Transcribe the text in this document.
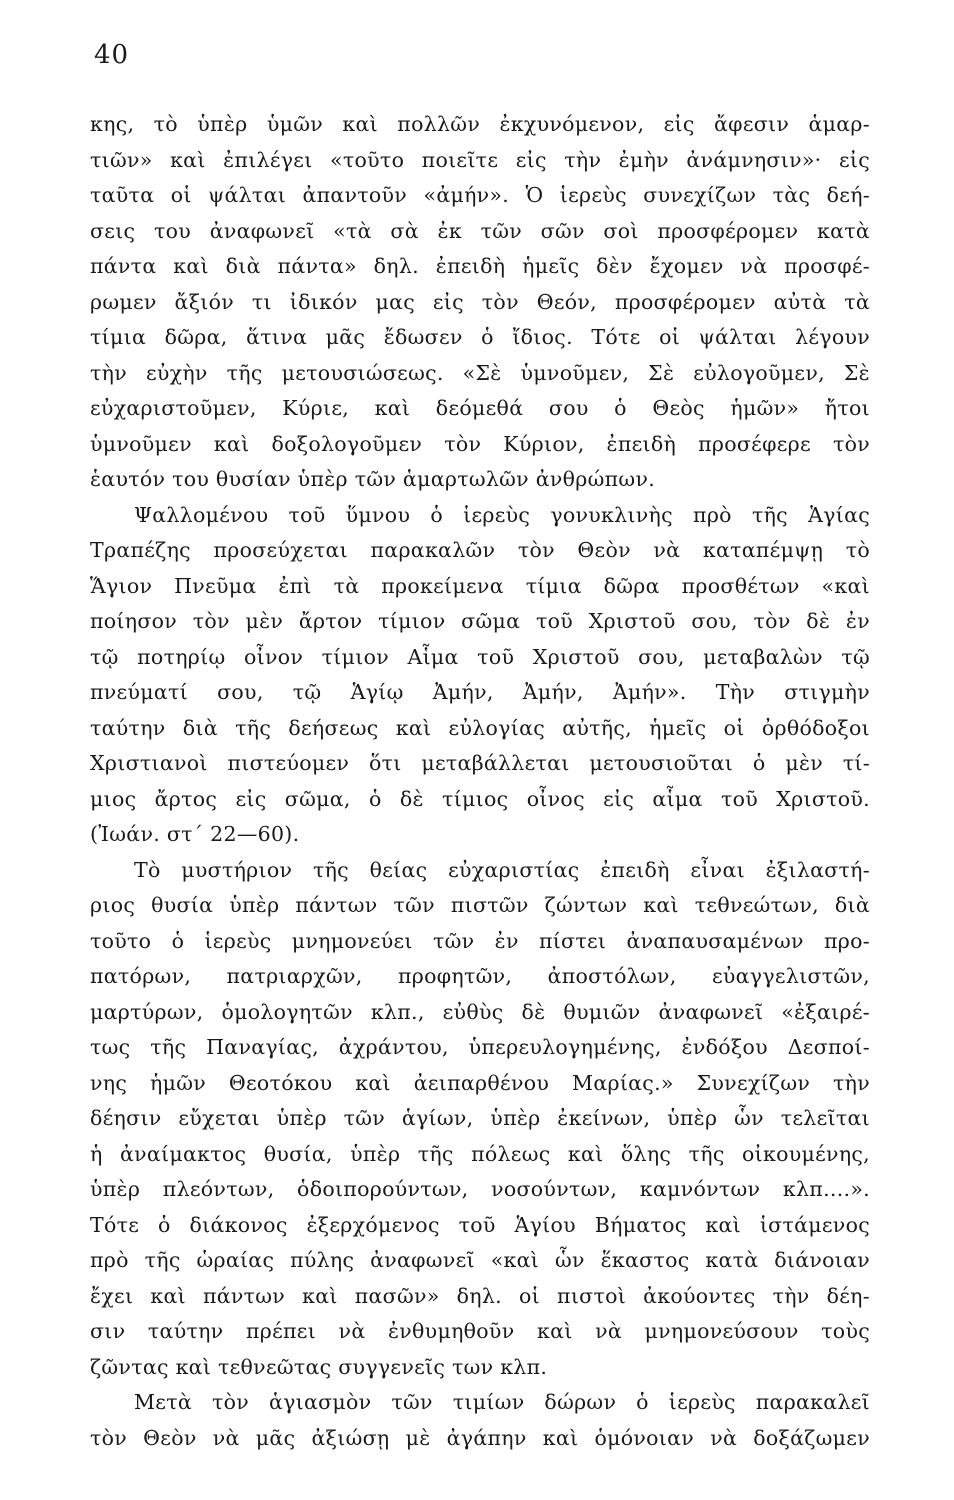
40
κης, τὸ ὑπὲρ ὑμῶν καὶ πολλῶν ἐκχυνόμενον, εἰς ἄφεσιν ἁμαρ-
τιῶν» καὶ ἐπιλέγει «τοῦτο ποιεῖτε εἰς τὴν ἐμὴν ἀνάμνησιν»· εἰς
ταῦτα οἱ ψάλται ἀπαντοῦν «ἀμήν». Ὁ ἱερεὺς συνεχίζων τὰς δεή-
σεις του ἀναφωνεῖ «τὰ σὰ ἐκ τῶν σῶν σοὶ προσφέρομεν κατὰ
πάντα καὶ διὰ πάντα» δηλ. ἐπειδὴ ἡμεῖς δὲν ἔχομεν νὰ προσφέ-
ρωμεν ἄξιόν τι ἰδικόν μας εἰς τὸν Θεόν, προσφέρομεν αὐτὰ τὰ
τίμια δῶρα, ἅτινα μᾶς ἔδωσεν ὁ ἴδιος. Τότε οἱ ψάλται λέγουν
τὴν εὐχὴν τῆς μετουσιώσεως. «Σὲ ὑμνοῦμεν, Σὲ εὐλογοῦμεν, Σὲ
εὐχαριστοῦμεν, Κύριε, καὶ δεόμεθά σου ὁ Θεὸς ἡμῶν» ἤτοι
ὑμνοῦμεν καὶ δοξολογοῦμεν τὸν Κύριον, ἐπειδὴ προσέφερε τὸν
ἑαυτόν του θυσίαν ὑπὲρ τῶν ἁμαρτωλῶν ἀνθρώπων.
Ψαλλομένου τοῦ ὕμνου ὁ ἱερεὺς γονυκλινὴς πρὸ τῆς Ἁγίας
Τραπέζης προσεύχεται παρακαλῶν τὸν Θεὸν νὰ καταπέμψῃ τὸ
Ἅγιον Πνεῦμα ἐπὶ τὰ προκείμενα τίμια δῶρα προσθέτων «καὶ
ποίησον τὸν μὲν ἄρτον τίμιον σῶμα τοῦ Χριστοῦ σου, τὸν δὲ ἐν
τῷ ποτηρίῳ οἶνον τίμιον Αἷμα τοῦ Χριστοῦ σου, μεταβαλὼν τῷ
πνεύματί σου, τῷ Ἁγίῳ Ἀμήν, Ἀμήν, Ἀμήν». Τὴν στιγμὴν
ταύτην διὰ τῆς δεήσεως καὶ εὐλογίας αὐτῆς, ἡμεῖς οἱ ὀρθόδοξοι
Χριστιανοὶ πιστεύομεν ὅτι μεταβάλλεται μετουσιοῦται ὁ μὲν τί-
μιος ἄρτος εἰς σῶμα, ὁ δὲ τίμιος οἶνος εἰς αἷμα τοῦ Χριστοῦ.
(Ἰωάν. στ΄ 22—60).
Τὸ μυστήριον τῆς θείας εὐχαριστίας ἐπειδὴ εἶναι ἐξιλαστή-
ριος θυσία ὑπὲρ πάντων τῶν πιστῶν ζώντων καὶ τεθνεώτων, διὰ
τοῦτο ὁ ἱερεὺς μνημονεύει τῶν ἐν πίστει ἀναπαυσαμένων προ-
πατόρων, πατριαρχῶν, προφητῶν, ἀποστόλων, εὐαγγελιστῶν,
μαρτύρων, ὁμολογητῶν κλπ., εὐθὺς δὲ θυμιῶν ἀναφωνεῖ «ἐξαιρέ-
τως τῆς Παναγίας, ἀχράντου, ὑπερευλογημένης, ἐνδόξου Δεσποί-
νης ἡμῶν Θεοτόκου καὶ ἀειπαρθένου Μαρίας.» Συνεχίζων τὴν
δέησιν εὔχεται ὑπὲρ τῶν ἁγίων, ὑπὲρ ἐκείνων, ὑπὲρ ὧν τελεῖται
ἡ ἀναίμακτος θυσία, ὑπὲρ τῆς πόλεως καὶ ὅλης τῆς οἰκουμένης,
ὑπὲρ πλεόντων, ὁδοιπορούντων, νοσούντων, καμνόντων κλπ....».
Τότε ὁ διάκονος ἐξερχόμενος τοῦ Ἁγίου Βήματος καὶ ἱστάμενος
πρὸ τῆς ὡραίας πύλης ἀναφωνεῖ «καὶ ὧν ἕκαστος κατὰ διάνοιαν
ἔχει καὶ πάντων καὶ πασῶν» δηλ. οἱ πιστοὶ ἀκούοντες τὴν δέη-
σιν ταύτην πρέπει νὰ ἐνθυμηθοῦν καὶ νὰ μνημονεύσουν τοὺς
ζῶντας καὶ τεθνεῶτας συγγενεῖς των κλπ.
Μετὰ τὸν ἁγιασμὸν τῶν τιμίων δώρων ὁ ἱερεὺς παρακαλεῖ
τὸν Θεὸν νὰ μᾶς ἀξιώσῃ μὲ ἀγάπην καὶ ὁμόνοιαν νὰ δοξάζωμεν
